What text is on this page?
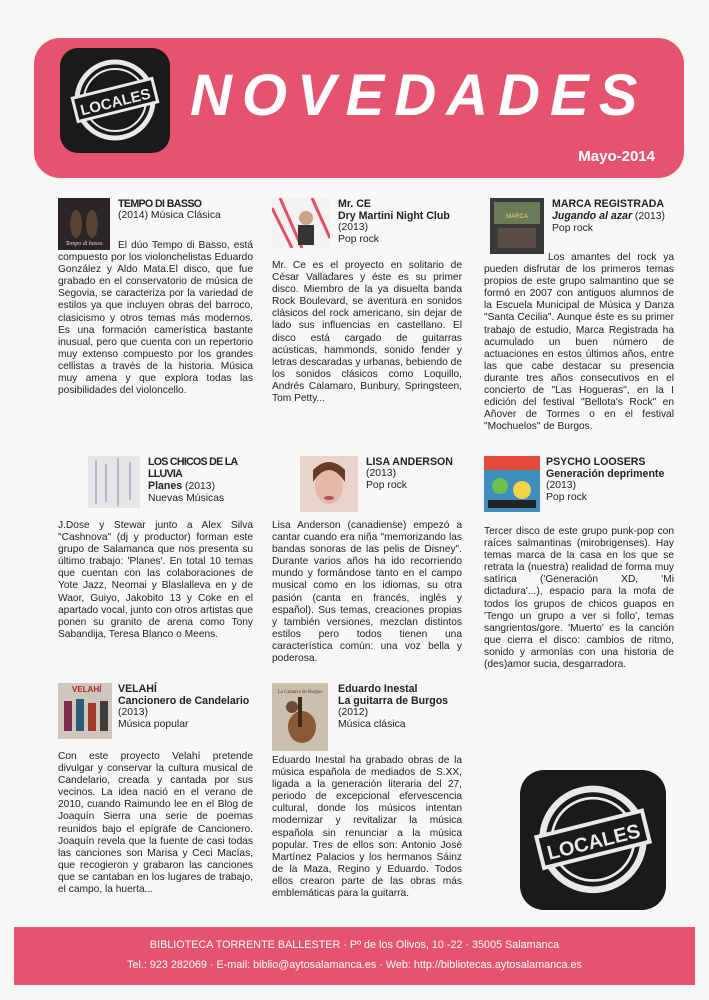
LOCALES NOVEDADES
Mayo-2014
Tempo di basso
TEMPO DI BASSO
(2014) Música Clásica
El dúo Tempo di Basso, está compuesto por los violonchelistas Eduardo González y Aldo Mata.El disco, que fue grabado en el conservatorio de música de Segovia, se caracteriza por la variedad de estilos ya que incluyen obras del barroco, clasicismo y otros temas más modernos. Es una formación camerística bastante inusual, pero que cuenta con un repertorio muy extenso compuesto por los grandes cellistas a través de la historia. Música muy amena y que explora todas las posibilidades del violoncello.
Mr. CE
Dry Martini Night Club
(2013)
Pop rock
Mr. Ce es el proyecto en solitario de César Valladares y éste es su primer disco. Miembro de la ya disuelta banda Rock Boulevard, se aventura en sonidos clásicos del rock americano, sin dejar de lado sus influencias en castellano. El disco está cargado de guitarras acústicas, hammonds, sonido fender y letras descaradas y urbanas, bebiendo de los sonidos clásicos como Loquillo, Andrés Calamaro, Bunbury, Springsteen, Tom Petty...
MARCA
MARCA REGISTRADA
Jugando al azar (2013)
Pop rock
Los amantes del rock ya pueden disfrutar de los primeros temas propios de este grupo salmantino que se formó en 2007 con antiguos alumnos de la Escuela Municipal de Música y Danza "Santa Cecilia". Aunque éste es su primer trabajo de estudio, Marca Registrada ha acumulado un buen número de actuaciones en estos últimos años, entre las que cabe destacar su presencia durante tres años consecutivos en el concierto de "Las Hogueras", en la I edición del festival "Bellota's Rock" en Añover de Tormes o en el festival "Mochuelos" de Burgos.
LOS CHICOS DE LA LLUVIA
Planes (2013)
Nuevas Músicas
J.Dose y Stewar junto a Alex Silva "Cashnova" (dj y productor) forman este grupo de Salamanca que nos presenta su último trabajo: 'Planes'. En total 10 temas que cuentan con las colaboraciones de Yote Jazz, Neomai y Blaslalleva en y de Waor, Guiyo, Jakobito 13 y Coke en el apartado vocal, junto con otros artistas que ponen su granito de arena como Tony Sabandija, Teresa Blanco o Meens.
LISA ANDERSON
(2013)
Pop rock
Lisa Anderson (canadiense) empezó a cantar cuando era niña "memorizando las bandas sonoras de las pelis de Disney". Durante varios años ha ido recorriendo mundo y formándose tanto en el campo musical como en los idiomas, su otra pasión (canta en francés, inglés y español). Sus temas, creaciones propias y también versiones, mezclan distintos estilos pero todos tienen una característica común: una voz bella y poderosa.
PSYCHO LOOSERS
Generación deprimente
(2013)
Pop rock
Tercer disco de este grupo punk-pop con raíces salmantinas (mirobrigenses). Hay temas marca de la casa en los que se retrata la (nuestra) realidad de forma muy satírica ('Generación XD, 'Mi dictadura'...), espacio para la mofa de todos los grupos de chicos guapos en 'Tengo un grupo a ver si follo', temas sangrientos/gore. 'Muerto' es la canción que cierra el disco: cambios de ritmo, sonido y armonías con una historia de (des)amor sucia, desgarradora.
VELAHÍ VELAHÍ
Cancionero de Candelario
(2013)
Música popular
Con este proyecto Velahí pretende divulgar y conservar la cultura musical de Candelario, creada y cantada por sus vecinos. La idea nació en el verano de 2010, cuando Raimundo lee en el Blog de Joaquín Sierra una serie de poemas reunidos bajo el epígrafe de Cancionero. Joaquín revela que la fuente de casi todas las canciones son Marisa y Ceci Macías, que recogieron y grabaron las canciones que se cantaban en los lugares de trabajo, el campo, la huerta...
La Guitarra de Burgos Eduardo Inestal
La guitarra de Burgos
(2012)
Música clásica
Eduardo Inestal ha grabado obras de la música española de mediados de S.XX, ligada a la generación literaria del 27, periodo de excepcional efervescencia cultural, donde los músicos intentan modernizar y revitalizar la música española sin renunciar a la música popular. Tres de ellos son: Antonio José Martínez Palacios y los hermanos Sáinz de la Maza, Regino y Eduardo. Todos ellos crearon parte de las obras más emblemáticas para la guitarra.
LOCALES
BIBLIOTECA TORRENTE BALLESTER · Pº de los Olivos, 10 -22 · 35005 Salamanca
Tel.: 923 282069 · E-mail: biblio@aytosalamanca.es · Web: http://bibliotecas.aytosalamanca.es
